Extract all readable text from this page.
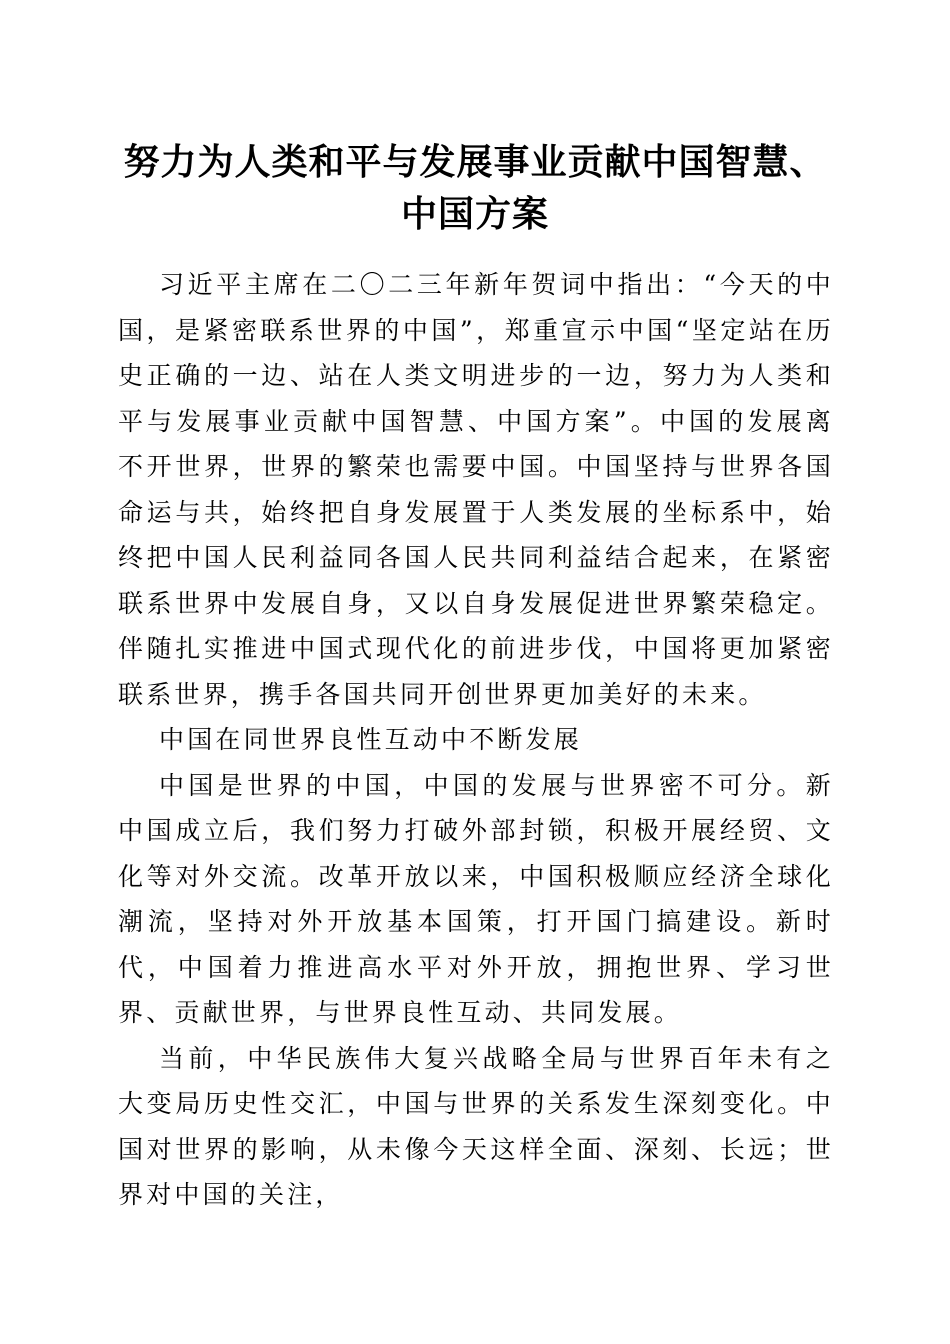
努力为人类和平与发展事业贡献中国智慧、中国方案

习近平主席在二〇二三年新年贺词中指出：“今天的中国，是紧密联系世界的中国”，郑重宣示中国“坚定站在历史正确的一边、站在人类文明进步的一边，努力为人类和平与发展事业贡献中国智慧、中国方案”。中国的发展离不开世界，世界的繁荣也需要中国。中国坚持与世界各国命运与共，始终把自身发展置于人类发展的坐标系中，始终把中国人民利益同各国人民共同利益结合起来，在紧密联系世界中发展自身，又以自身发展促进世界繁荣稳定。伴随扎实推进中国式现代化的前进步伐，中国将更加紧密联系世界，携手各国共同开创世界更加美好的未来。

中国在同世界良性互动中不断发展

中国是世界的中国，中国的发展与世界密不可分。新中国成立后，我们努力打破外部封锁，积极开展经贸、文化等对外交流。改革开放以来，中国积极顺应经济全球化潮流，坚持对外开放基本国策，打开国门搞建设。新时代，中国着力推进高水平对外开放，拥抱世界、学习世界、贡献世界，与世界良性互动、共同发展。

当前，中华民族伟大复兴战略全局与世界百年未有之大变局历史性交汇，中国与世界的关系发生深刻变化。中国对世界的影响，从未像今天这样全面、深刻、长远；世界对中国的关注，
